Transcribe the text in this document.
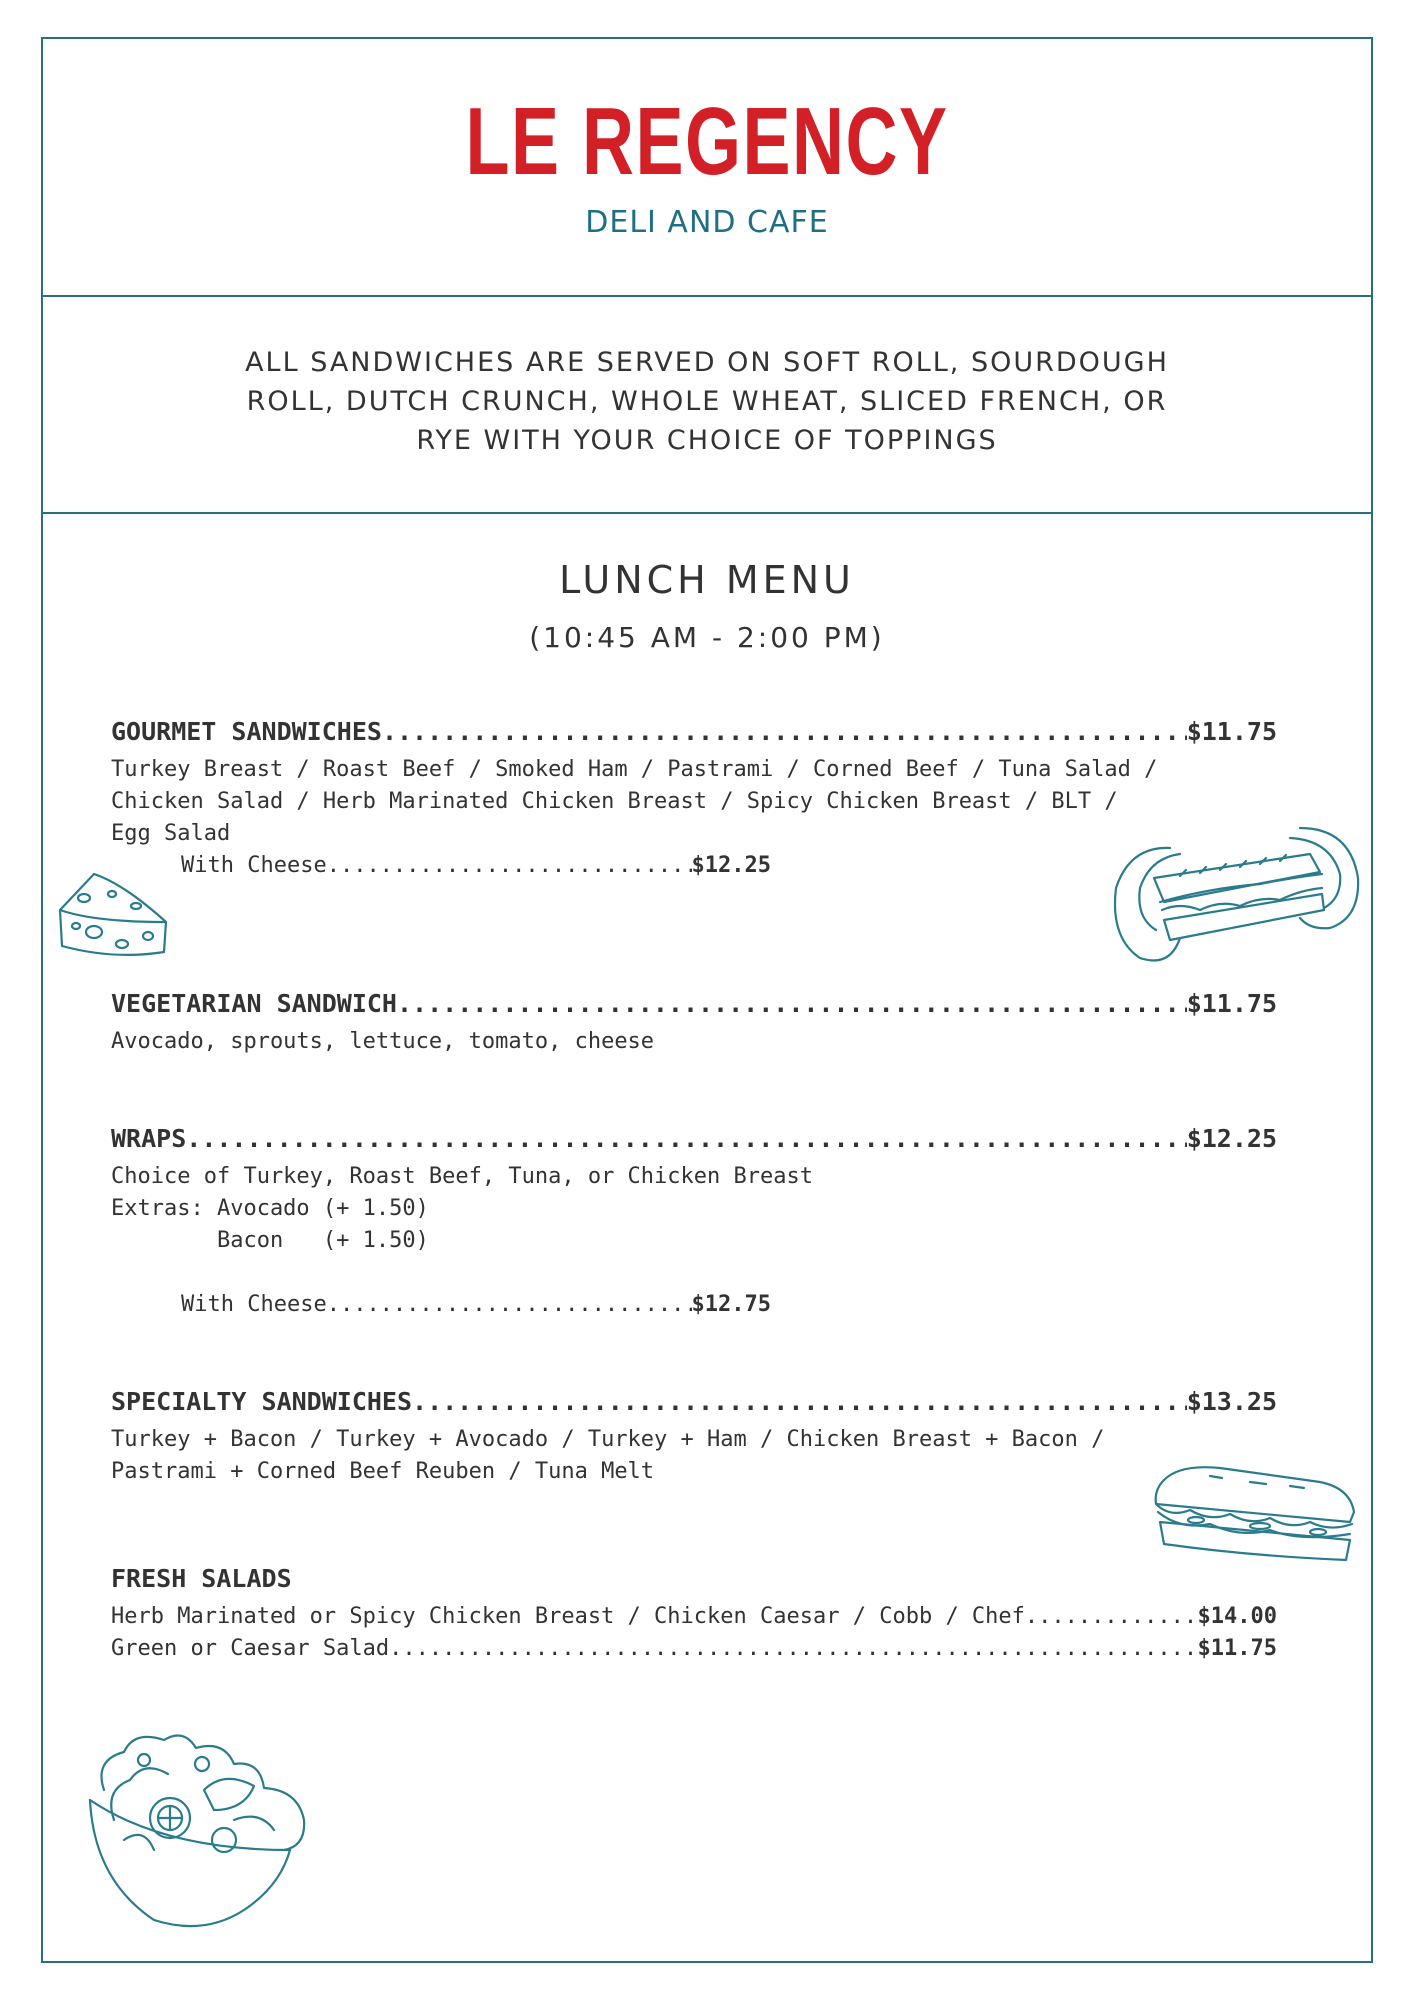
LE REGENCY
DELI AND CAFE
ALL SANDWICHES ARE SERVED ON SOFT ROLL, SOURDOUGH
ROLL, DUTCH CRUNCH, WHOLE WHEAT, SLICED FRENCH, OR
RYE WITH YOUR CHOICE OF TOPPINGS
LUNCH MENU
(10:45 AM - 2:00 PM)
GOURMET SANDWICHES .....	$11.75
Turkey Breast / Roast Beef / Smoked Ham / Pastrami / Corned Beef / Tuna Salad /
Chicken Salad / Herb Marinated Chicken Breast / Spicy Chicken Breast / BLT /
Egg Salad
With Cheese .....	$12.25
VEGETARIAN SANDWICH .....	$11.75
Avocado, sprouts, lettuce, tomato, cheese
WRAPS .....	$12.25
Choice of Turkey, Roast Beef, Tuna, or Chicken Breast
Extras: Avocado (+ 1.50)
Bacon   (+ 1.50)
With Cheese .....	$12.75
SPECIALTY SANDWICHES .....	$13.25
Turkey + Bacon / Turkey + Avocado / Turkey + Ham / Chicken Breast + Bacon /
Pastrami + Corned Beef Reuben / Tuna Melt
FRESH SALADS
Herb Marinated or Spicy Chicken Breast / Chicken Caesar / Cobb / Chef .....	$14.00
Green or Caesar Salad .....	$11.75
